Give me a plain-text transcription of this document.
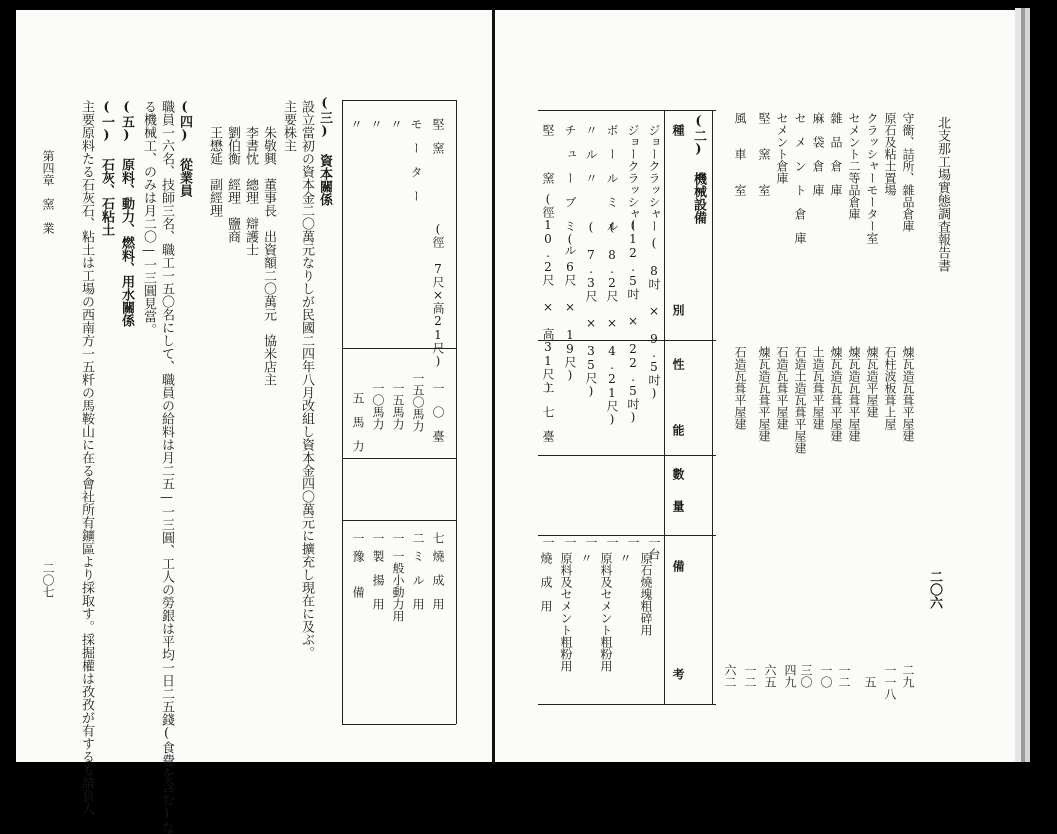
北支那工場實態調査報告書
二〇六
守衞、詰所、雜品倉庫
原石及粘土置場
クラッシャーモーター室
セメント二等品倉庫
雜　品　倉　庫
麻　袋　倉　庫
セ　メ　ン　ト　倉　庫
セメント倉庫
堅　　窯　　室
風　　車　　室
煉瓦造瓦葺平屋建
石柱波板葺上屋
煉瓦造平屋建
煉瓦造瓦葺平屋建
煉瓦造瓦葺平屋建
土造瓦葺平屋建
石造土造瓦葺平屋建
石造瓦葺平屋建
煉瓦造瓦葺平屋建
石造瓦葺平屋建
二九
一一八
五
一二
一〇
三〇
四九
六五
一二
六二
(二) 機械設備
種
別
性
能
數
量
備
考
ジョークラッシャー
ジョークラッシャー
ボ　ー　ル　ミ　ル
〃　ル　〃
チ　ュ　ー　ブ　ミ　ル
堅　　　窯
( 8吋 × 9.5吋)
(12.5吋 × 22.5吋)
( 8.2尺 × 4.21尺)
( 7.3尺 × 35尺)
( 6尺 × 19尺)
(徑10.2尺 × 高31尺)
二　七　臺
一台
一
一
一
一
一
原石燒塊粗碎用
〃
原料及セメント粗粉用
〃
原料及セメント粗粉用
燒　成　用
堅　窯
モ　ー　タ　ー
〃
〃
〃
(徑 7尺×高21尺)
一　〇　臺
一五〇馬力
一五馬力
一〇馬力
五　馬　力
七
二
一
一
一
燒　成　用
ミ　ル　用
一般小動力用
製　揚　用
豫　　備
(三) 資本關係
設立當初の資本金二〇萬元なりしが民國二四年八月改組し資本金四〇萬元に擴充し現在に及ぶ。
主要株主
朱敬興　董事長　出資額二〇萬元　協米店主
李書忱　總理　辯護士
劉伯衡　經理　鹽商
王懋延　副經理
(四) 從業員
職員一六名、技師三名、職工一五〇名にして、職員の給料は月二五—一三圓、工人の勞銀は平均一日二五錢(食費を含む)な
る機械工、のみは月二〇—一三圓見當。
(五) 原料、動力、燃料、用水關係
(一) 石灰、石粘土
主要原料たる石灰石、粘土は工場の西南方一五粁の馬鞍山に在る會社所有鑛區より採取す。採掘權は孜孜が有するも請負人
第四章　窯　業
二〇七
